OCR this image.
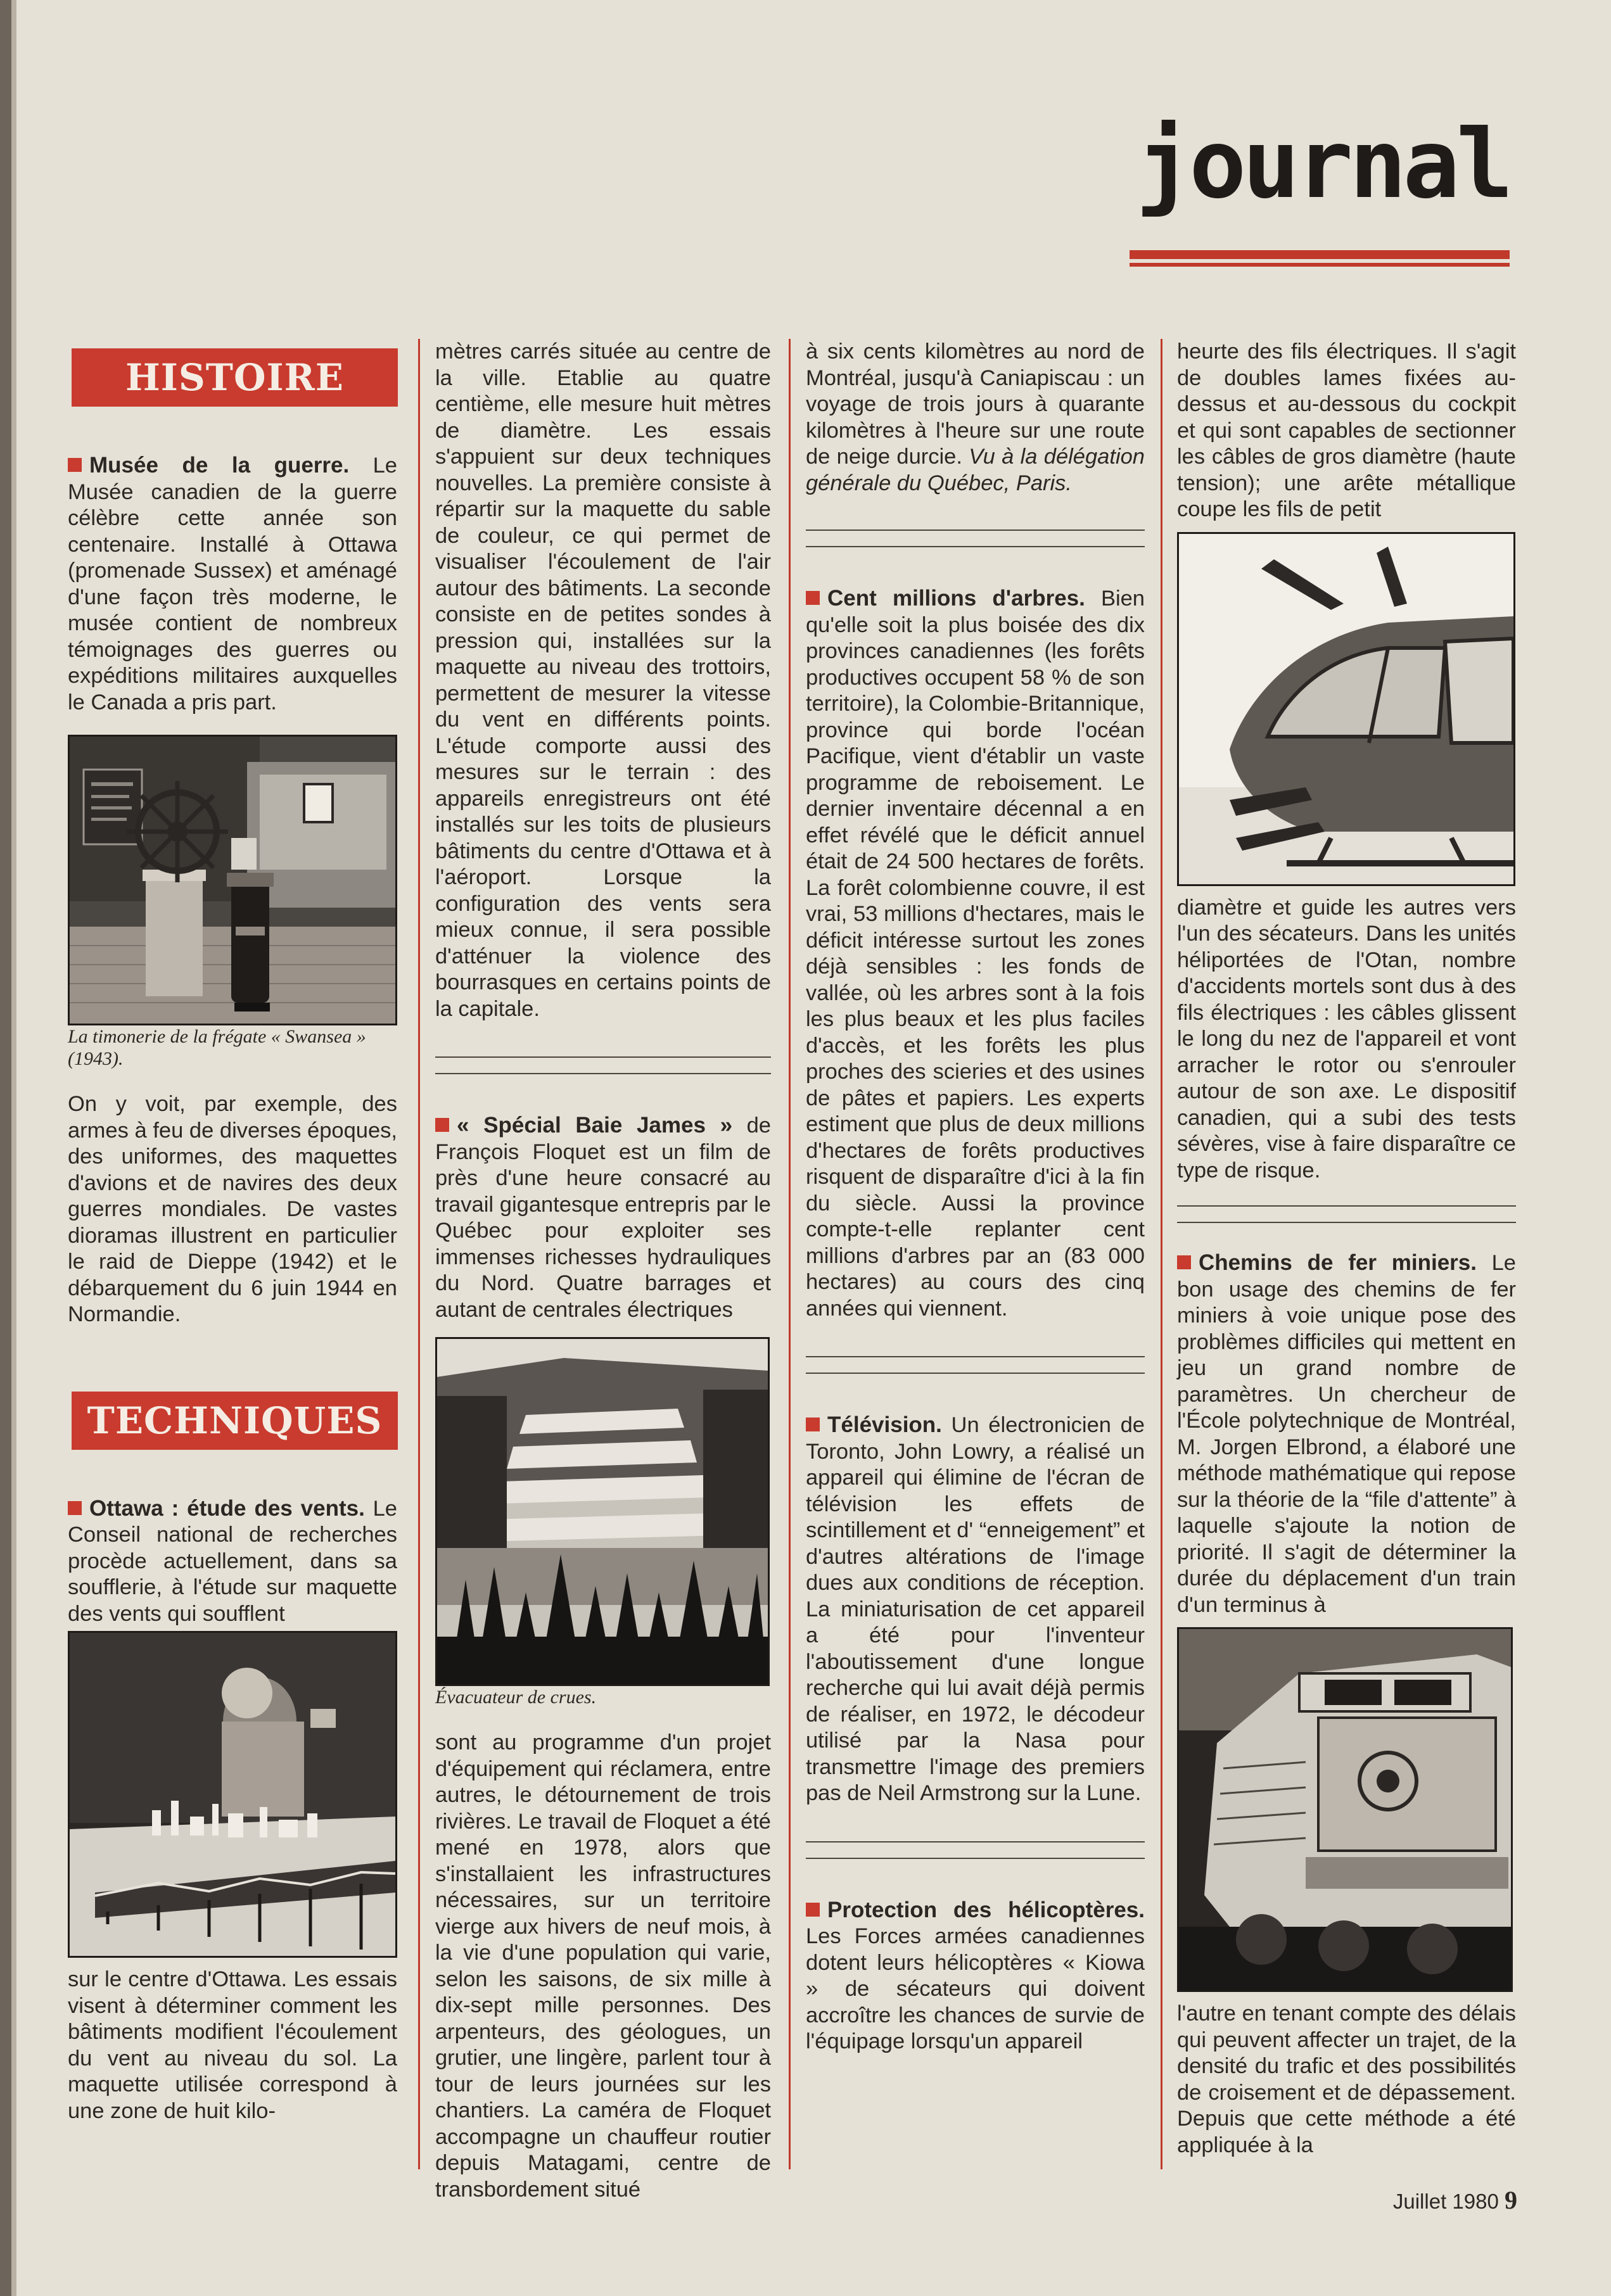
journal
HISTOIRE

Musée de la guerre. Le Musée canadien de la guerre célèbre cette année son centenaire. Installé à Ottawa (promenade Sussex) et aménagé d'une façon très moderne, le musée contient de nombreux témoignages des guerres ou expéditions militaires auxquelles le Canada a pris part.

La timonerie de la frégate « Swansea » (1943).

On y voit, par exemple, des armes à feu de diverses époques, des uniformes, des maquettes d'avions et de navires des deux guerres mondiales. De vastes dioramas illustrent en particulier le raid de Dieppe (1942) et le débarquement du 6 juin 1944 en Normandie.

TECHNIQUES

Ottawa : étude des vents. Le Conseil national de recherches procède actuellement, dans sa soufflerie, à l'étude sur maquette des vents qui soufflent

sur le centre d'Ottawa. Les essais visent à déterminer comment les bâtiments modifient l'écoulement du vent au niveau du sol. La maquette utilisée correspond à une zone de huit kilo-

mètres carrés située au centre de la ville. Etablie au quatre centième, elle mesure huit mètres de diamètre. Les essais s'appuient sur deux techniques nouvelles. La première consiste à répartir sur la maquette du sable de couleur, ce qui permet de visualiser l'écoulement de l'air autour des bâtiments. La seconde consiste en de petites sondes à pression qui, installées sur la maquette au niveau des trottoirs, permettent de mesurer la vitesse du vent en différents points. L'étude comporte aussi des mesures sur le terrain : des appareils enregistreurs ont été installés sur les toits de plusieurs bâtiments du centre d'Ottawa et à l'aéroport. Lorsque la configuration des vents sera mieux connue, il sera possible d'atténuer la violence des bourrasques en certains points de la capitale.

« Spécial Baie James » de François Floquet est un film de près d'une heure consacré au travail gigantesque entrepris par le Québec pour exploiter ses immenses richesses hydrauliques du Nord. Quatre barrages et autant de centrales électriques

Évacuateur de crues.

sont au programme d'un projet d'équipement qui réclamera, entre autres, le détournement de trois rivières. Le travail de Floquet a été mené en 1978, alors que s'installaient les infrastructures nécessaires, sur un territoire vierge aux hivers de neuf mois, à la vie d'une population qui varie, selon les saisons, de six mille à dix-sept mille personnes. Des arpenteurs, des géologues, un grutier, une lingère, parlent tour à tour de leurs journées sur les chantiers. La caméra de Floquet accompagne un chauffeur routier depuis Matagami, centre de transbordement situé

à six cents kilomètres au nord de Montréal, jusqu'à Caniapiscau : un voyage de trois jours à quarante kilomètres à l'heure sur une route de neige durcie. Vu à la délégation générale du Québec, Paris.

Cent millions d'arbres. Bien qu'elle soit la plus boisée des dix provinces canadiennes (les forêts productives occupent 58 % de son territoire), la Colombie-Britannique, province qui borde l'océan Pacifique, vient d'établir un vaste programme de reboisement. Le dernier inventaire décennal a en effet révélé que le déficit annuel était de 24 500 hectares de forêts. La forêt colombienne couvre, il est vrai, 53 millions d'hectares, mais le déficit intéresse surtout les zones déjà sensibles : les fonds de vallée, où les arbres sont à la fois les plus beaux et les plus faciles d'accès, et les forêts les plus proches des scieries et des usines de pâtes et papiers. Les experts estiment que plus de deux millions d'hectares de forêts productives risquent de disparaître d'ici à la fin du siècle. Aussi la province compte-t-elle replanter cent millions d'arbres par an (83 000 hectares) au cours des cinq années qui viennent.

Télévision. Un électronicien de Toronto, John Lowry, a réalisé un appareil qui élimine de l'écran de télévision les effets de scintillement et d' “enneigement” et d'autres altérations de l'image dues aux conditions de réception. La miniaturisation de cet appareil a été pour l'inventeur l'aboutissement d'une longue recherche qui lui avait déjà permis de réaliser, en 1972, le décodeur utilisé par la Nasa pour transmettre l'image des premiers pas de Neil Armstrong sur la Lune.

Protection des hélicoptères. Les Forces armées canadiennes dotent leurs hélicoptères « Kiowa » de sécateurs qui doivent accroître les chances de survie de l'équipage lorsqu'un appareil

heurte des fils électriques. Il s'agit de doubles lames fixées au-dessus et au-dessous du cockpit et qui sont capables de sectionner les câbles de gros diamètre (haute tension); une arête métallique coupe les fils de petit

diamètre et guide les autres vers l'un des sécateurs. Dans les unités héliportées de l'Otan, nombre d'accidents mortels sont dus à des fils électriques : les câbles glissent le long du nez de l'appareil et vont arracher le rotor ou s'enrouler autour de son axe. Le dispositif canadien, qui a subi des tests sévères, vise à faire disparaître ce type de risque.

Chemins de fer miniers. Le bon usage des chemins de fer miniers à voie unique pose des problèmes difficiles qui mettent en jeu un grand nombre de paramètres. Un chercheur de l'École polytechnique de Montréal, M. Jorgen Elbrond, a élaboré une méthode mathématique qui repose sur la théorie de la “file d'attente” à laquelle s'ajoute la notion de priorité. Il s'agit de déterminer la durée du déplacement d'un train d'un terminus à

l'autre en tenant compte des délais qui peuvent affecter un trajet, de la densité du trafic et des possibilités de croisement et de dépassement. Depuis que cette méthode a été appliquée à la

Juillet 1980 9
